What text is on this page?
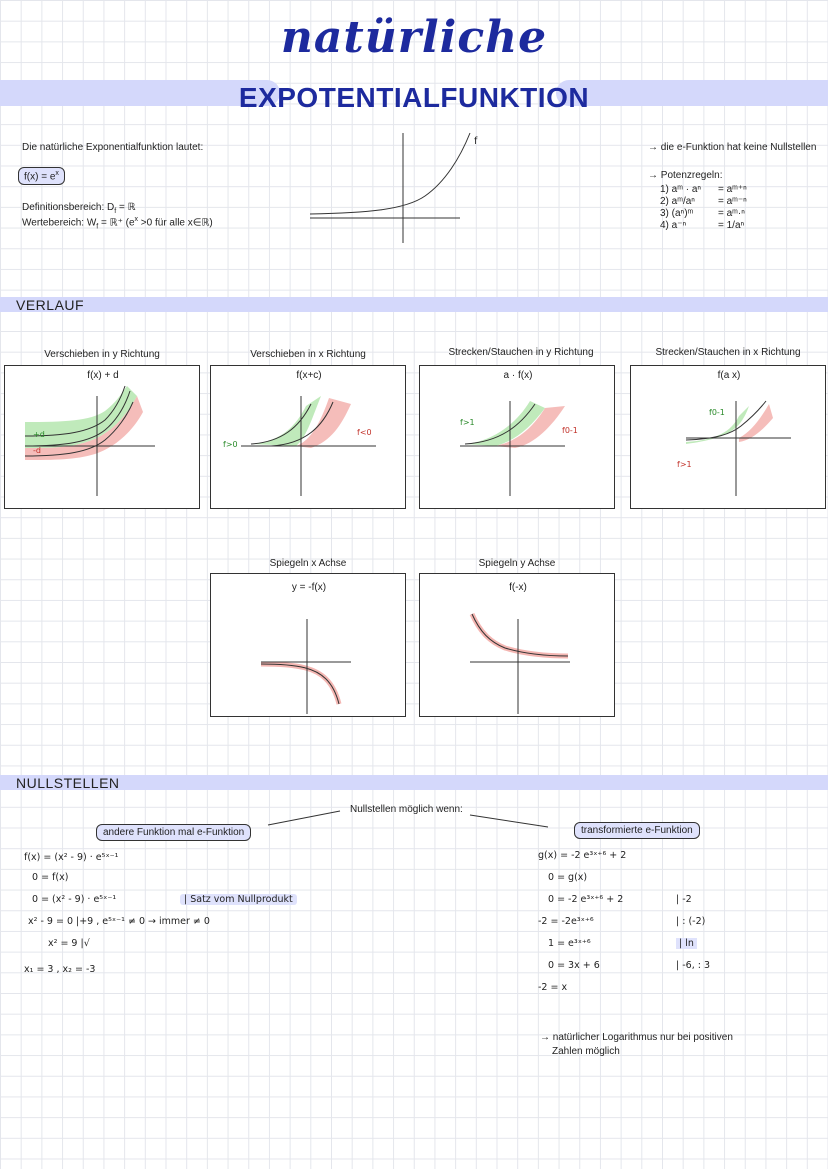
natürliche
EXPOTENTIALFUNKTION
Die natürliche Exponentialfunktion lautet:
$f(x) = e^x$
Definitionsbereich: $D_f$ = ℝ
Wertebereich: $W_f$ = ℝ⁺ ($e^x >0$ für alle x∈ℝ)
f
→ die e-Funktion hat keine Nullstellen
→ Potenzregeln:
1) aᵐ · aⁿ = aᵐ⁺ⁿ
2) aᵐ/aⁿ = aᵐ⁻ⁿ
3) (aⁿ)ᵐ = aᵐ·ⁿ
4) a⁻ⁿ	= 1/aⁿ
VERLAUF
Verschieben in y Richtung	Verschieben in x Richtung	Strecken/Stauchen in y Richtung	Strecken/Stauchen in x Richtung
f(x) + d
+d
-d
f(x+c)
f>0
f<0
a · f(x)
f>1
f0-1
f(a x)
f0-1
f>1
Spiegeln x Achse	Spiegeln y Achse
y = -f(x)	f(-x)
NULLSTELLEN
Nullstellen möglich wenn:
andere Funktion mal e-Funktion	transformierte e-Funktion
f(x) = (x² - 9) · e⁵ˣ⁻¹
0 = f(x)
0 = (x² - 9) · e⁵ˣ⁻¹	| Satz vom Nullprodukt
x² - 9 = 0 |+9 , e⁵ˣ⁻¹ ≠ 0 → immer ≠ 0
x² = 9 |√
x₁ = 3 , x₂ = -3
g(x) = -2 e³ˣ⁺⁶ + 2
0 = g(x)
0 = -2 e³ˣ⁺⁶ + 2	| -2
-2 = -2e³ˣ⁺⁶	| : (-2)
1 = e³ˣ⁺⁶	| ln
0 = 3x + 6	| -6, : 3
-2 = x
→ natürlicher Logarithmus nur bei positiven
Zahlen möglich
